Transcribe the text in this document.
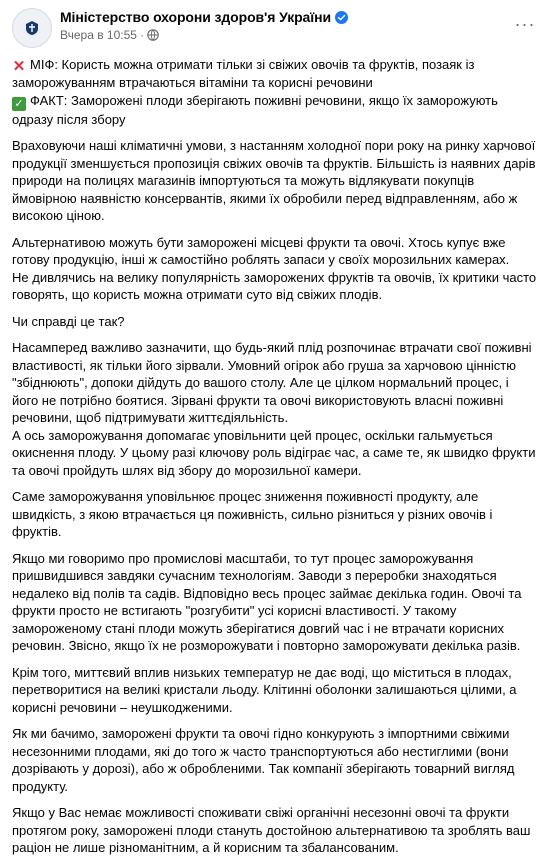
Міністерство охорони здоров'я України
Вчера в 10:55 ·
···

✕ МІФ: Користь можна отримати тільки зі свіжих овочів та фруктів, позаяк із заморожуванням втрачаються вітаміни та корисні речовини
✓ ФАКТ: Заморожені плоди зберігають поживні речовини, якщо їх заморожують одразу після збору

Враховуючи наші кліматичні умови, з настанням холодної пори року на ринку харчової продукції зменшується пропозиція свіжих овочів та фруктів. Більшість із наявних дарів природи на полицях магазинів імпортуються та можуть відлякувати покупців ймовірною наявністю консервантів, якими їх обробили перед відправленням, або ж високою ціною.

Альтернативою можуть бути заморожені місцеві фрукти та овочі. Хтось купує вже готову продукцію, інші ж самостійно роблять запаси у своїх морозильних камерах.
Не дивлячись на велику популярність заморожених фруктів та овочів, їх критики часто говорять, що користь можна отримати суто від свіжих плодів.

Чи справді це так?

Насамперед важливо зазначити, що будь-який плід розпочинає втрачати свої поживні властивості, як тільки його зірвали. Умовний огірок або груша за харчовою цінністю "збіднюють", допоки дійдуть до вашого столу. Але це цілком нормальний процес, і його не потрібно боятися. Зірвані фрукти та овочі використовують власні поживні речовини, щоб підтримувати життєдіяльність.
А ось заморожування допомагає уповільнити цей процес, оскільки гальмується окиснення плоду. У цьому разі ключову роль відіграє час, а саме те, як швидко фрукти та овочі пройдуть шлях від збору до морозильної камери.

Саме заморожування уповільнює процес зниження поживності продукту, але швидкість, з якою втрачається ця поживність, сильно різниться у різних овочів і фруктів.

Якщо ми говоримо про промислові масштаби, то тут процес заморожування пришвидшився завдяки сучасним технологіям. Заводи з переробки знаходяться недалеко від полів та садів. Відповідно весь процес займає декілька годин. Овочі та фрукти просто не встигають "розгубити" усі корисні властивості. У такому замороженому стані плоди можуть зберігатися довгий час і не втрачати корисних речовин. Звісно, якщо їх не розморожувати і повторно заморожувати декілька разів.

Крім того, миттєвий вплив низьких температур не дає воді, що міститься в плодах, перетворитися на великі кристали льоду. Клітинні оболонки залишаються цілими, а корисні речовини – неушкодженими.

Як ми бачимо, заморожені фрукти та овочі гідно конкурують з імпортними свіжими несезонними плодами, які до того ж часто транспортуються або нестиглими (вони дозрівають у дорозі), або ж обробленими. Так компанії зберігають товарний вигляд продукту.

Якщо у Вас немає можливості споживати свіжі органічні несезонні овочі та фрукти протягом року, заморожені плоди стануть достойною альтернативою та зроблять ваш раціон не лише різноманітним, а й корисним та збалансованим.
